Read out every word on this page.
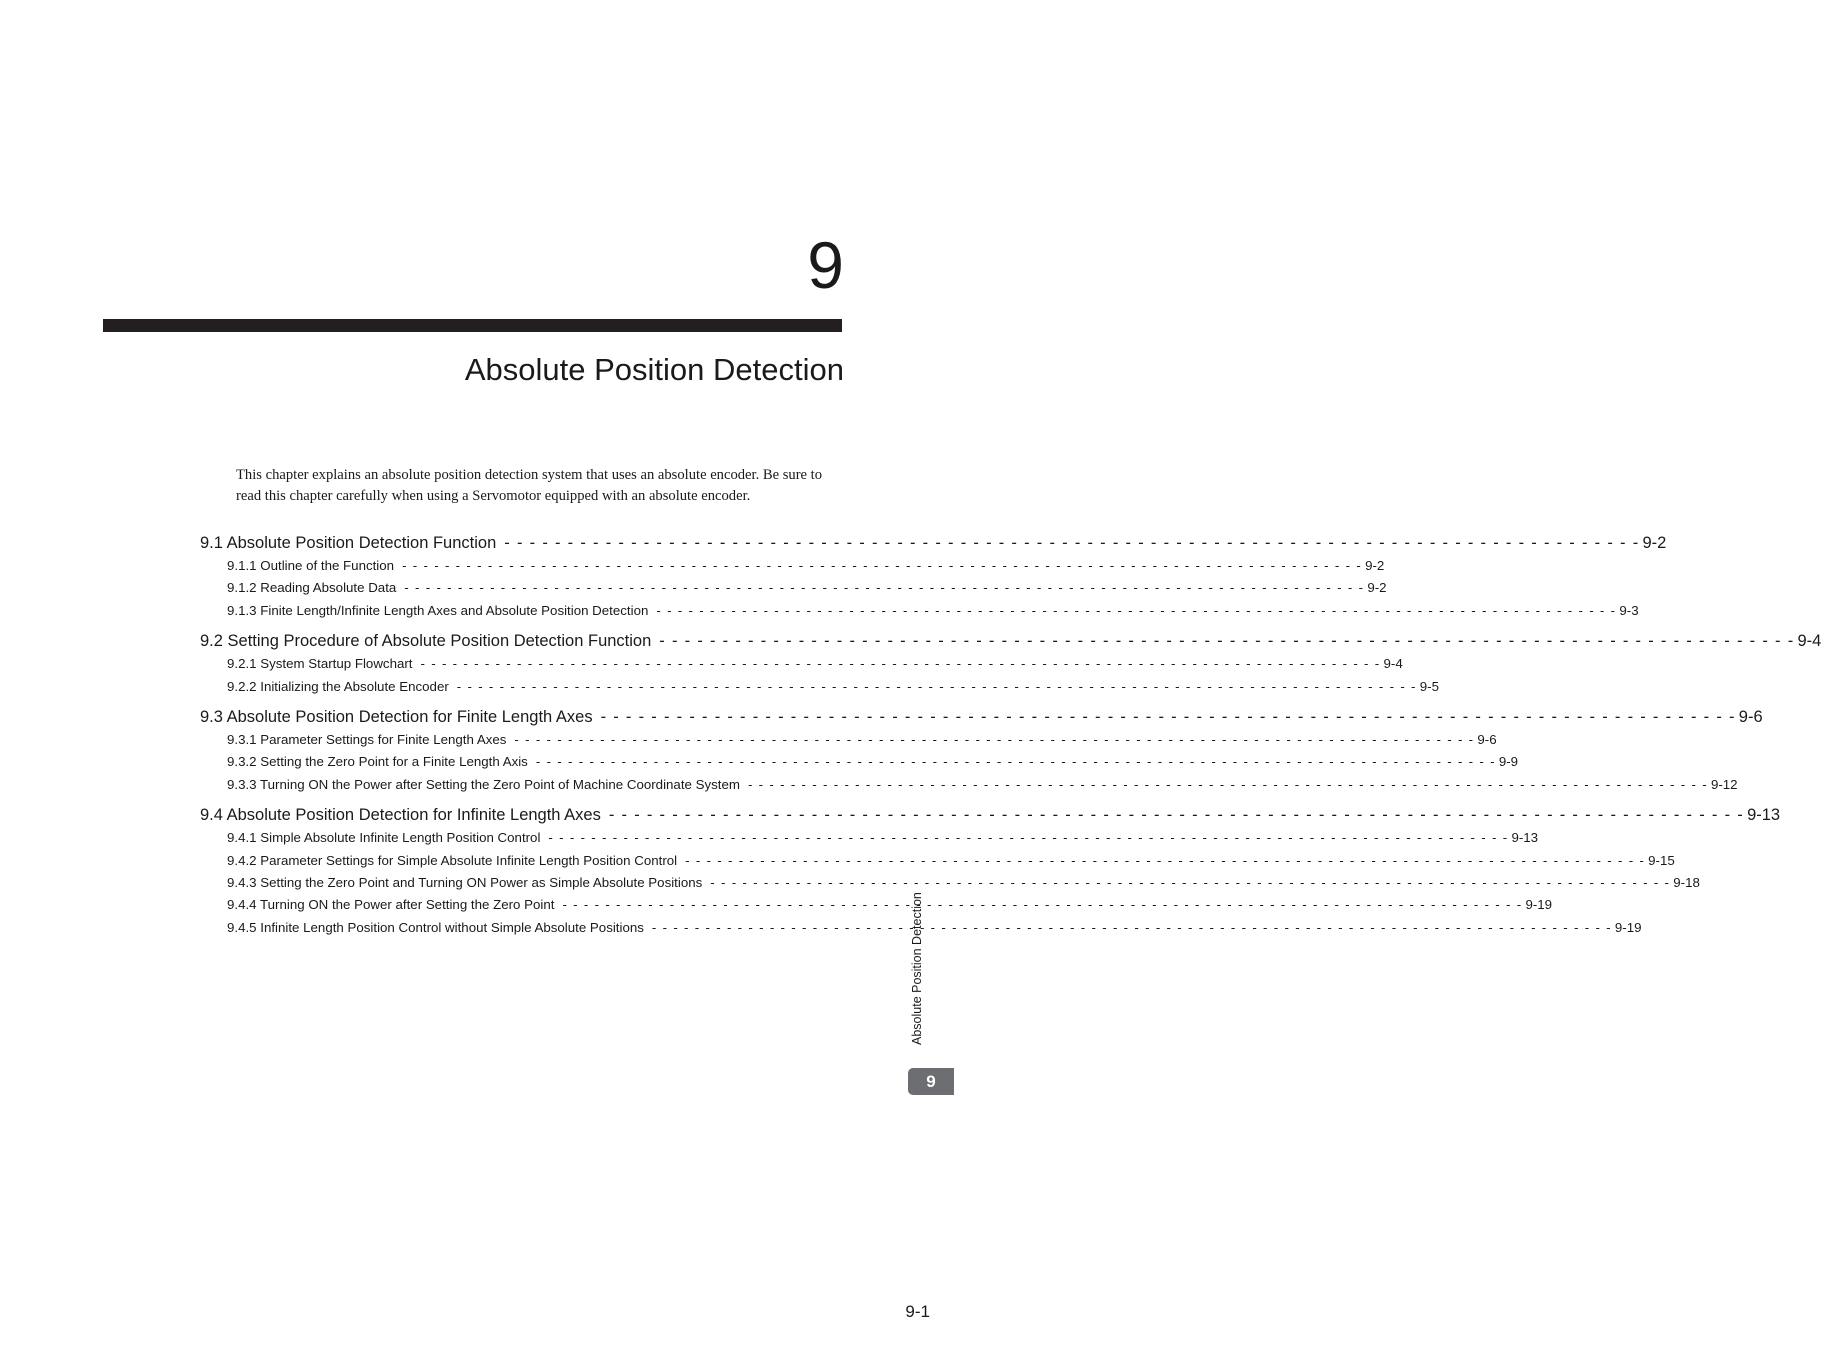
9
Absolute Position Detection

This chapter explains an absolute position detection system that uses an absolute encoder. Be sure to read this chapter carefully when using a Servomotor equipped with an absolute encoder.

9.1 Absolute Position Detection Function - - - - - - - - - - - - - - - - - - - - - - - - - - - - - - - - - - - - - - - - - - - - - - - - - - - - - - - - - - - - - - - - - - - - - - - - - - - - - - - - - - - - - - - - - - 9-2
9.1.1 Outline of the Function - - - - - - - - - - - - - - - - - - - - - - - - - - - - - - - - - - - - - - - - - - - - - - - - - - - - - - - - - - - - - - - - - - - - - - - - - - - - - - - - - - - - - - - - - - 9-2
9.1.2 Reading Absolute Data - - - - - - - - - - - - - - - - - - - - - - - - - - - - - - - - - - - - - - - - - - - - - - - - - - - - - - - - - - - - - - - - - - - - - - - - - - - - - - - - - - - - - - - - - - 9-2
9.1.3 Finite Length/Infinite Length Axes and Absolute Position Detection - - - - - - - - - - - - - - - - - - - - - - - - - - - - - - - - - - - - - - - - - - - - - - - - - - - - - - - - - - - - - - - - - - - - - - - - - - - - - - - - - - - - - - - - - - 9-3
9.2 Setting Procedure of Absolute Position Detection Function - - - - - - - - - - - - - - - - - - - - - - - - - - - - - - - - - - - - - - - - - - - - - - - - - - - - - - - - - - - - - - - - - - - - - - - - - - - - - - - - - - - - - - - - - - 9-4
9.2.1 System Startup Flowchart - - - - - - - - - - - - - - - - - - - - - - - - - - - - - - - - - - - - - - - - - - - - - - - - - - - - - - - - - - - - - - - - - - - - - - - - - - - - - - - - - - - - - - - - - - 9-4
9.2.2 Initializing the Absolute Encoder - - - - - - - - - - - - - - - - - - - - - - - - - - - - - - - - - - - - - - - - - - - - - - - - - - - - - - - - - - - - - - - - - - - - - - - - - - - - - - - - - - - - - - - - - - 9-5
9.3 Absolute Position Detection for Finite Length Axes - - - - - - - - - - - - - - - - - - - - - - - - - - - - - - - - - - - - - - - - - - - - - - - - - - - - - - - - - - - - - - - - - - - - - - - - - - - - - - - - - - - - - - - - - - 9-6
9.3.1 Parameter Settings for Finite Length Axes - - - - - - - - - - - - - - - - - - - - - - - - - - - - - - - - - - - - - - - - - - - - - - - - - - - - - - - - - - - - - - - - - - - - - - - - - - - - - - - - - - - - - - - - - - 9-6
9.3.2 Setting the Zero Point for a Finite Length Axis - - - - - - - - - - - - - - - - - - - - - - - - - - - - - - - - - - - - - - - - - - - - - - - - - - - - - - - - - - - - - - - - - - - - - - - - - - - - - - - - - - - - - - - - - - 9-9
9.3.3 Turning ON the Power after Setting the Zero Point of Machine Coordinate System - - - - - - - - - - - - - - - - - - - - - - - - - - - - - - - - - - - - - - - - - - - - - - - - - - - - - - - - - - - - - - - - - - - - - - - - - - - - - - - - - - - - - - - - - - 9-12
9.4 Absolute Position Detection for Infinite Length Axes - - - - - - - - - - - - - - - - - - - - - - - - - - - - - - - - - - - - - - - - - - - - - - - - - - - - - - - - - - - - - - - - - - - - - - - - - - - - - - - - - - - - - - - - - - 9-13
9.4.1 Simple Absolute Infinite Length Position Control - - - - - - - - - - - - - - - - - - - - - - - - - - - - - - - - - - - - - - - - - - - - - - - - - - - - - - - - - - - - - - - - - - - - - - - - - - - - - - - - - - - - - - - - - - 9-13
9.4.2 Parameter Settings for Simple Absolute Infinite Length Position Control - - - - - - - - - - - - - - - - - - - - - - - - - - - - - - - - - - - - - - - - - - - - - - - - - - - - - - - - - - - - - - - - - - - - - - - - - - - - - - - - - - - - - - - - - - 9-15
9.4.3 Setting the Zero Point and Turning ON Power as Simple Absolute Positions - - - - - - - - - - - - - - - - - - - - - - - - - - - - - - - - - - - - - - - - - - - - - - - - - - - - - - - - - - - - - - - - - - - - - - - - - - - - - - - - - - - - - - - - - - 9-18
9.4.4 Turning ON the Power after Setting the Zero Point - - - - - - - - - - - - - - - - - - - - - - - - - - - - - - - - - - - - - - - - - - - - - - - - - - - - - - - - - - - - - - - - - - - - - - - - - - - - - - - - - - - - - - - - - - 9-19
9.4.5 Infinite Length Position Control without Simple Absolute Positions - - - - - - - - - - - - - - - - - - - - - - - - - - - - - - - - - - - - - - - - - - - - - - - - - - - - - - - - - - - - - - - - - - - - - - - - - - - - - - - - - - - - - - - - - - 9-19
Absolute Position Detection
9
9-1
